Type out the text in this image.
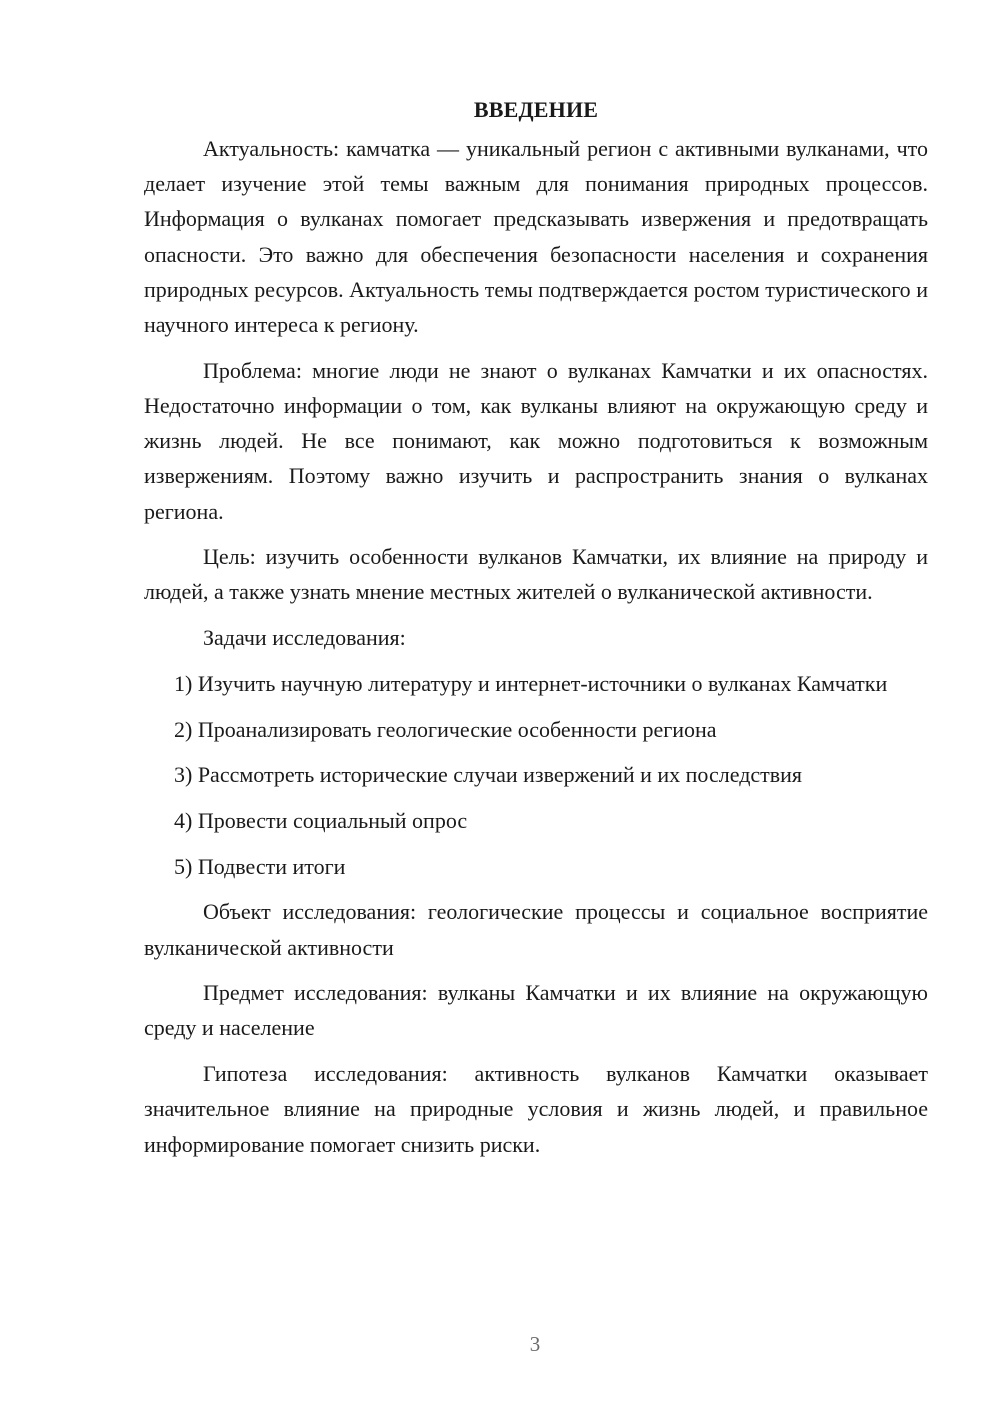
ВВЕДЕНИЕ

Актуальность: камчатка — уникальный регион с активными вулканами, что делает изучение этой темы важным для понимания природных процессов. Информация о вулканах помогает предсказывать извержения и предотвращать опасности. Это важно для обеспечения безопасности населения и сохранения природных ресурсов. Актуальность темы подтверждается ростом туристического и научного интереса к региону.

Проблема: многие люди не знают о вулканах Камчатки и их опасностях. Недостаточно информации о том, как вулканы влияют на окружающую среду и жизнь людей. Не все понимают, как можно подготовиться к возможным извержениям. Поэтому важно изучить и распространить знания о вулканах региона.

Цель: изучить особенности вулканов Камчатки, их влияние на природу и людей, а также узнать мнение местных жителей о вулканической активности.

Задачи исследования:

1) Изучить научную литературу и интернет-источники о вулканах Камчатки

2) Проанализировать геологические особенности региона

3) Рассмотреть исторические случаи извержений и их последствия

4) Провести социальный опрос

5) Подвести итоги

Объект исследования: геологические процессы и социальное восприятие вулканической активности

Предмет исследования: вулканы Камчатки и их влияние на окружающую среду и население

Гипотеза исследования: активность вулканов Камчатки оказывает значительное влияние на природные условия и жизнь людей, и правильное информирование помогает снизить риски.

3
